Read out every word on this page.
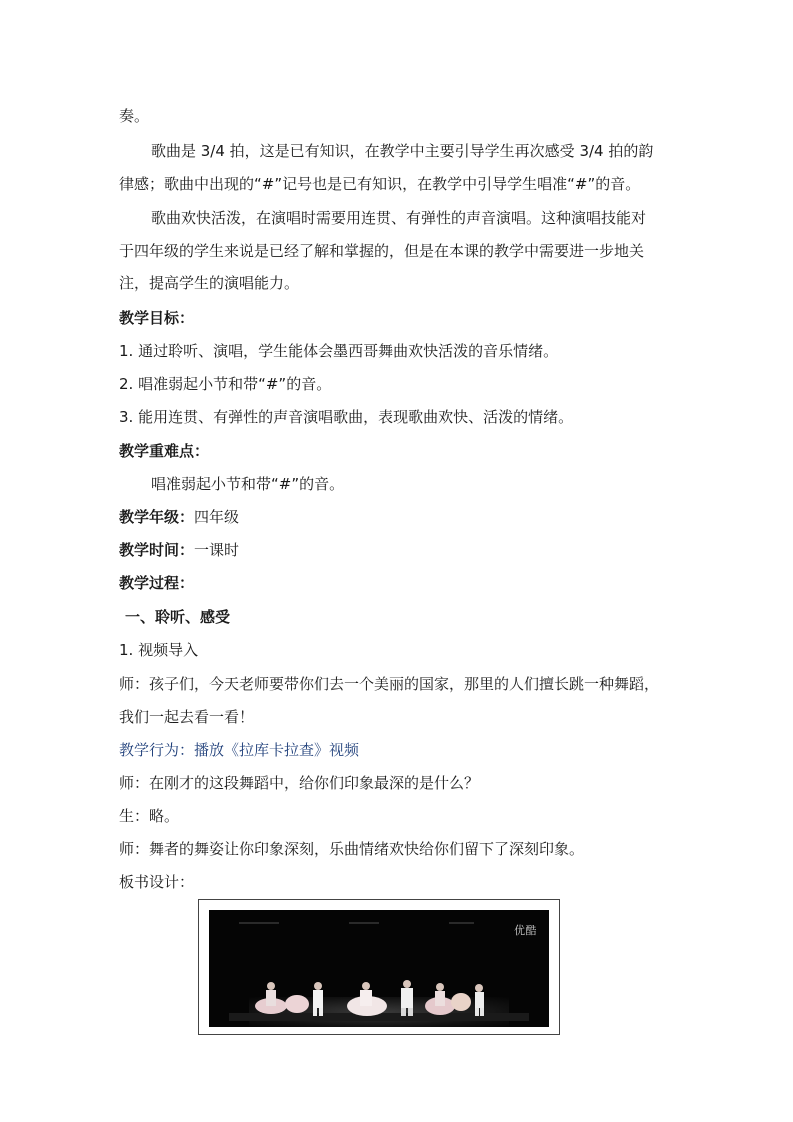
奏。
歌曲是 3/4 拍，这是已有知识，在教学中主要引导学生再次感受 3/4 拍的韵
律感；歌曲中出现的“#”记号也是已有知识，在教学中引导学生唱准“#”的音。
歌曲欢快活泼，在演唱时需要用连贯、有弹性的声音演唱。这种演唱技能对
于四年级的学生来说是已经了解和掌握的，但是在本课的教学中需要进一步地关
注，提高学生的演唱能力。
教学目标：
1. 通过聆听、演唱，学生能体会墨西哥舞曲欢快活泼的音乐情绪。
2. 唱准弱起小节和带“#”的音。
3. 能用连贯、有弹性的声音演唱歌曲，表现歌曲欢快、活泼的情绪。
教学重难点：
唱准弱起小节和带“#”的音。
教学年级：四年级
教学时间：一课时
教学过程：
一、聆听、感受
1. 视频导入
师：孩子们，今天老师要带你们去一个美丽的国家，那里的人们擅长跳一种舞蹈，
我们一起去看一看！
教学行为：播放《拉库卡拉查》视频
师：在刚才的这段舞蹈中，给你们印象最深的是什么？
生：略。
师：舞者的舞姿让你印象深刻，乐曲情绪欢快给你们留下了深刻印象。
板书设计：
优酷
